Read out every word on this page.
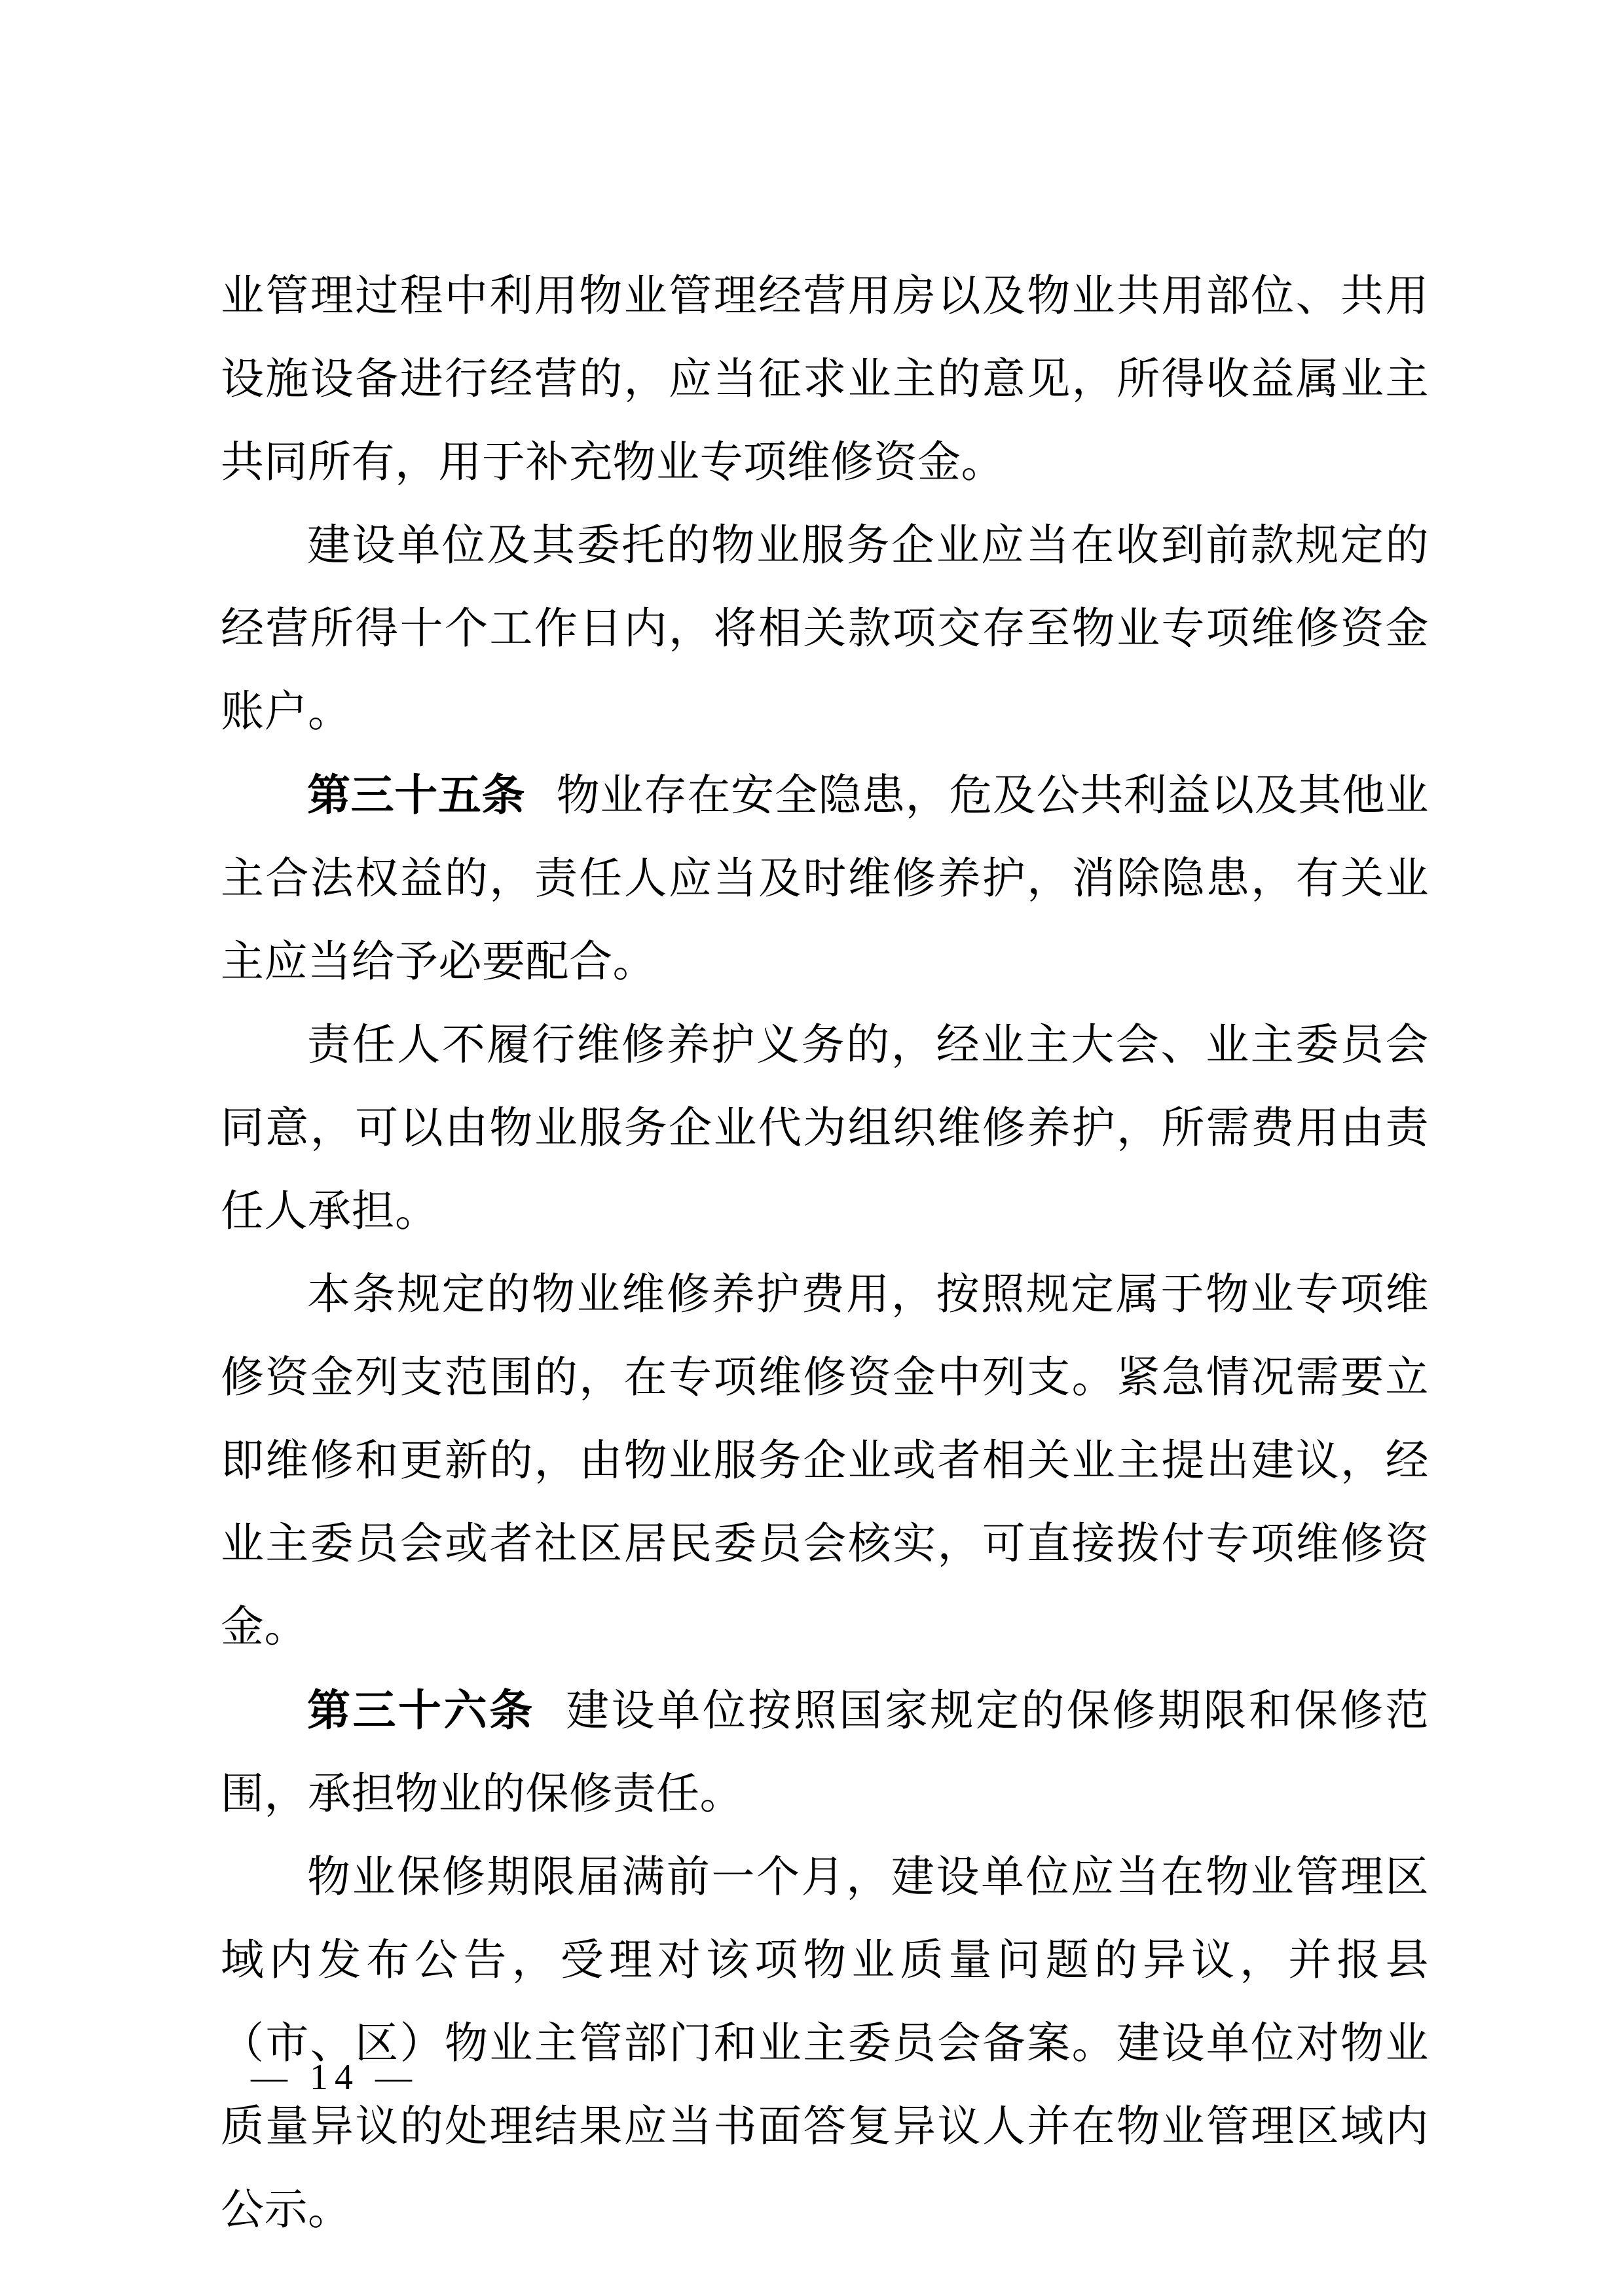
业管理过程中利用物业管理经营用房以及物业共用部位、共用设施设备进行经营的，应当征求业主的意见，所得收益属业主共同所有，用于补充物业专项维修资金。

建设单位及其委托的物业服务企业应当在收到前款规定的经营所得十个工作日内，将相关款项交存至物业专项维修资金账户。

第三十五条 物业存在安全隐患，危及公共利益以及其他业主合法权益的，责任人应当及时维修养护，消除隐患，有关业主应当给予必要配合。

责任人不履行维修养护义务的，经业主大会、业主委员会同意，可以由物业服务企业代为组织维修养护，所需费用由责任人承担。

本条规定的物业维修养护费用，按照规定属于物业专项维修资金列支范围的，在专项维修资金中列支。紧急情况需要立即维修和更新的，由物业服务企业或者相关业主提出建议，经业主委员会或者社区居民委员会核实，可直接拨付专项维修资金。

第三十六条 建设单位按照国家规定的保修期限和保修范围，承担物业的保修责任。

物业保修期限届满前一个月，建设单位应当在物业管理区域内发布公告，受理对该项物业质量问题的异议，并报县（市、区）物业主管部门和业主委员会备案。建设单位对物业质量异议的处理结果应当书面答复异议人并在物业管理区域内公示。

— 14 —
